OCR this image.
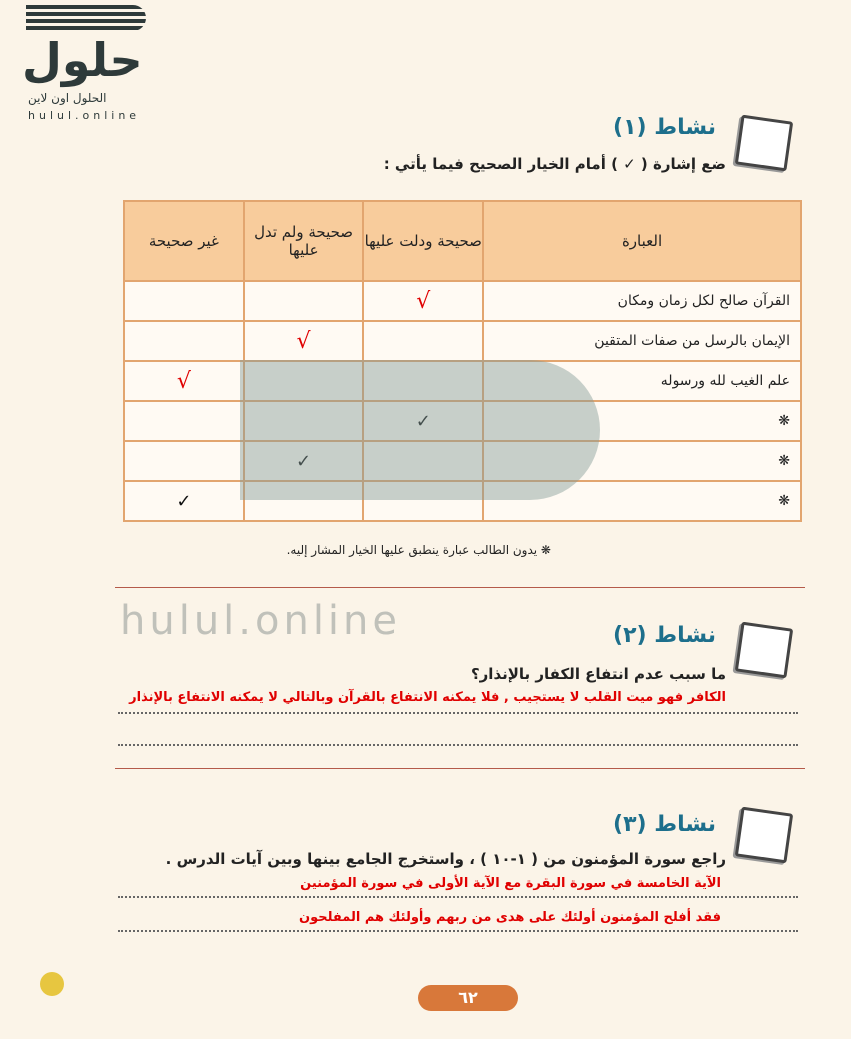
حلول
الحلول اون لاين
hulul.online	نشاط (١)
ضع إشارة ( ✓ ) أمام الخيار الصحيح فيما يأتي :
العبارة	صحيحة ودلت عليها	صحيحة ولم تدل عليها	غير صحيحة
القرآن صالح لكل زمان ومكان	√		
الإيمان بالرسل من صفات المتقين		√	
علم الغيب لله ورسوله			√
❋	✓		
❋		✓	
❋			✓
❋ يدون الطالب عبارة ينطبق عليها الخيار المشار إليه.
hulul.online	نشاط (٢)
ما سبب عدم انتفاع الكفار بالإنذار؟
الكافر فهو ميت القلب لا يستجيب , فلا يمكنه الانتفاع بالقرآن وبالتالي لا يمكنه الانتفاع بالإنذار
نشاط (٣)
راجع سورة المؤمنون من ( ١-١٠ ) ، واستخرج الجامع بينها وبين آيات الدرس .
الآية الخامسة في سورة البقرة مع الآية الأولى في سورة المؤمنين
فقد أفلح المؤمنون أولئك على هدى من ربهم وأولئك هم المفلحون
٦٢
